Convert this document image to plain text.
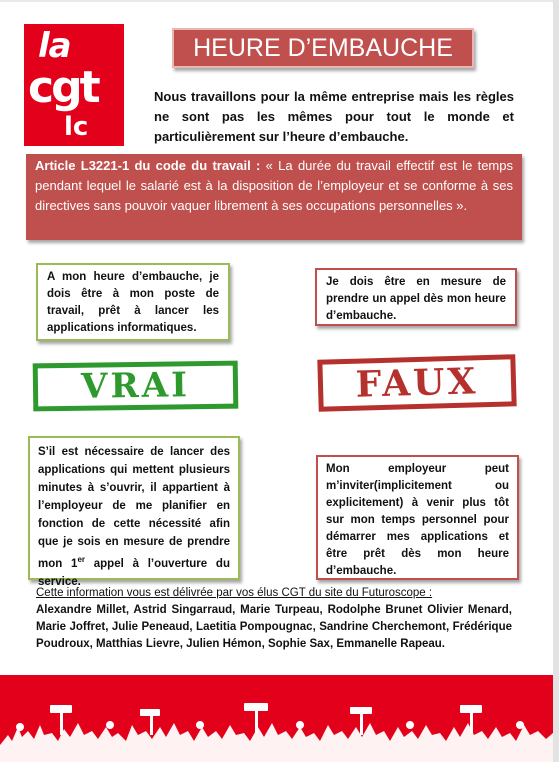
la
cgt
lc
HEURE D’EMBAUCHE
Nous travaillons pour la même entreprise mais les règles ne sont pas les mêmes pour tout le monde et particulièrement sur l’heure d’embauche.
Article L3221-1 du code du travail : « La durée du travail effectif est le temps pendant lequel le salarié est à la disposition de l’employeur et se conforme à ses directives sans pouvoir vaquer librement à ses occupations personnelles ».
A mon heure d’embauche, je dois être à mon poste de travail, prêt à lancer les applications informatiques.
Je dois être en mesure de prendre un appel dès mon heure d’embauche.
VRAI	FAUX
S’il est nécessaire de lancer des applications qui mettent plusieurs minutes à s’ouvrir, il appartient à l’employeur de me planifier en fonction de cette nécessité afin que je sois en mesure de prendre mon 1er appel à l’ouverture du service.
Mon employeur peut m’inviter(implicitement ou explicitement) à venir plus tôt sur mon temps personnel pour démarrer mes applications et être prêt dès mon heure d’embauche.
Cette information vous est délivrée par vos élus CGT du site du Futuroscope :
Alexandre Millet, Astrid Singarraud, Marie Turpeau, Rodolphe Brunet Olivier Menard, Marie Joffret, Julie Peneaud, Laetitia Pompougnac, Sandrine Cherchemont, Frédérique Poudroux, Matthias Lievre, Julien Hémon, Sophie Sax, Emmanelle Rapeau.
